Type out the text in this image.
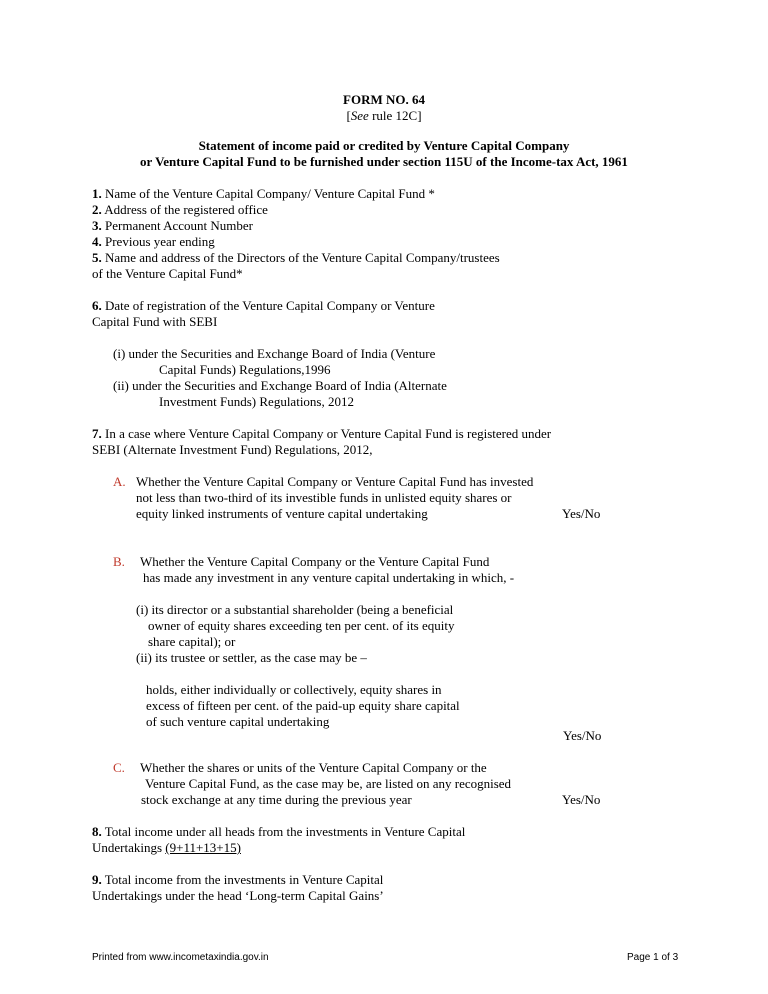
FORM NO. 64
[See rule 12C]
Statement of income paid or credited by Venture Capital Company
or Venture Capital Fund to be furnished under section 115U of the Income-tax Act, 1961
1. Name of the Venture Capital Company/ Venture Capital Fund *
2. Address of the registered office
3. Permanent Account Number
4. Previous year ending
5. Name and address of the Directors of the Venture Capital Company/trustees
of the Venture Capital Fund*
6. Date of registration of the Venture Capital Company or Venture
Capital Fund with SEBI
(i) under the Securities and Exchange Board of India (Venture
Capital Funds) Regulations,1996
(ii) under the Securities and Exchange Board of India (Alternate
Investment Funds) Regulations, 2012
7. In a case where Venture Capital Company or Venture Capital Fund is registered under
SEBI (Alternate Investment Fund) Regulations, 2012,
A. Whether the Venture Capital Company or Venture Capital Fund has invested
not less than two-third of its investible funds in unlisted equity shares or
equity linked instruments of venture capital undertaking	Yes/No
B. Whether the Venture Capital Company or the Venture Capital Fund
has made any investment in any venture capital undertaking in which, -
(i) its director or a substantial shareholder (being a beneficial
owner of equity shares exceeding ten per cent. of its equity
share capital); or
(ii) its trustee or settler, as the case may be –
holds, either individually or collectively, equity shares in
excess of fifteen per cent. of the paid-up equity share capital
of such venture capital undertaking
Yes/No
C. Whether the shares or units of the Venture Capital Company or the
Venture Capital Fund, as the case may be, are listed on any recognised
stock exchange at any time during the previous year	Yes/No
8. Total income under all heads from the investments in Venture Capital
Undertakings (9+11+13+15)
9. Total income from the investments in Venture Capital
Undertakings under the head ‘Long-term Capital Gains’
Printed from www.incometaxindia.gov.in	Page 1 of 3
